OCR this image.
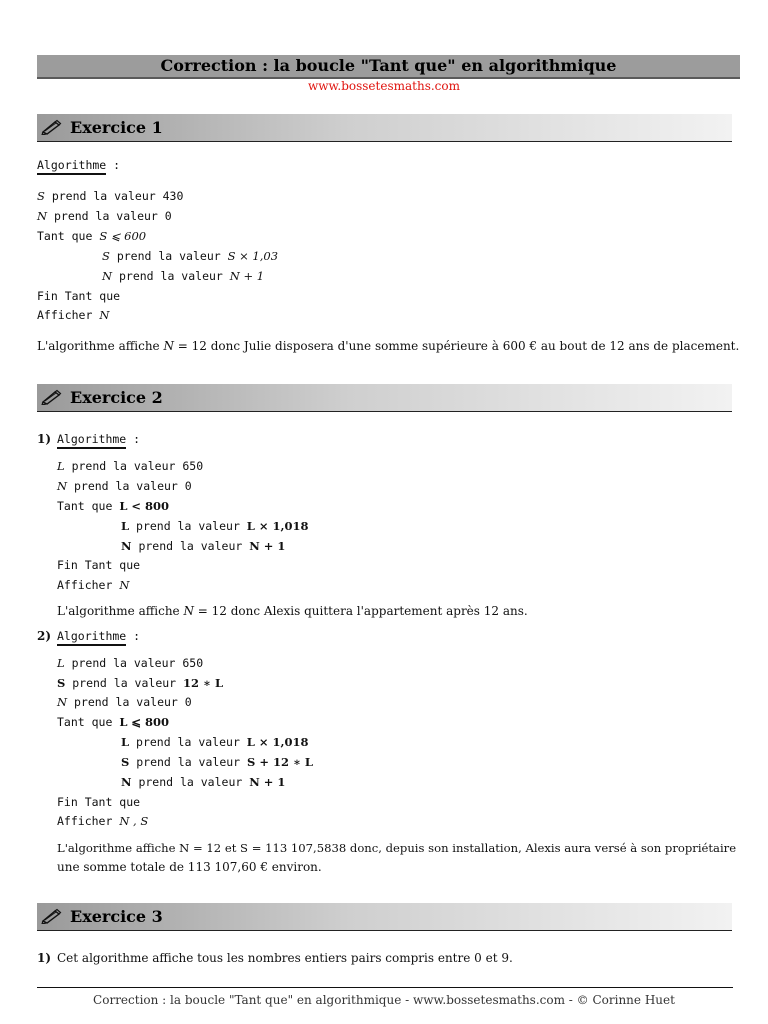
Correction : la boucle "Tant que" en algorithmique
www.bossetesmaths.com
Exercice 1
Algorithme :
S prend la valeur 430
N prend la valeur 0
Tant que S ⩽ 600
S prend la valeur S × 1,03
N prend la valeur N + 1
Fin Tant que
Afficher N
L'algorithme affiche N = 12 donc Julie disposera d'une somme supérieure à 600 € au bout de 12 ans de placement.
Exercice 2
1) Algorithme :
L prend la valeur 650
N prend la valeur 0
Tant que L < 800
L prend la valeur L × 1,018
N prend la valeur N + 1
Fin Tant que
Afficher N
L'algorithme affiche N = 12 donc Alexis quittera l'appartement après 12 ans.
2) Algorithme :
L prend la valeur 650
S prend la valeur 12 ∗ L
N prend la valeur 0
Tant que L ⩽ 800
L prend la valeur L × 1,018
S prend la valeur S + 12 ∗ L
N prend la valeur N + 1
Fin Tant que
Afficher N , S
L'algorithme affiche N = 12 et S = 113 107,5838 donc, depuis son installation, Alexis aura versé à son propriétaire
une somme totale de 113 107,60 € environ.
Exercice 3
1) Cet algorithme affiche tous les nombres entiers pairs compris entre 0 et 9.
Correction : la boucle "Tant que" en algorithmique - www.bossetesmaths.com - © Corinne Huet
